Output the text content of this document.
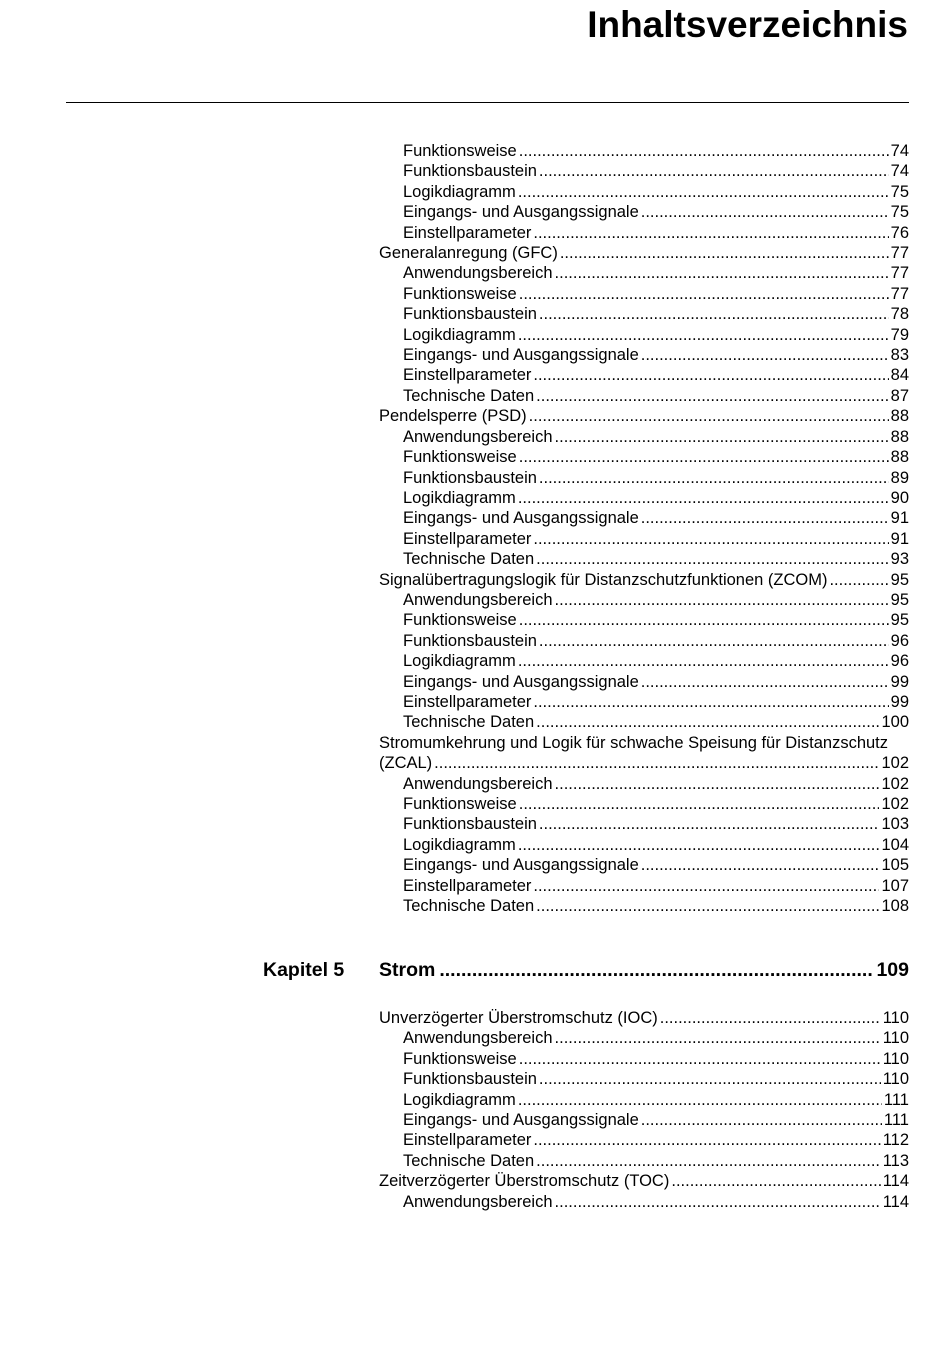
Inhaltsverzeichnis
Funktionsweise .....	74
Funktionsbaustein .....	74
Logikdiagramm .....	75
Eingangs- und Ausgangssignale .....	75
Einstellparameter .....	76
Generalanregung (GFC) .....	77
Anwendungsbereich .....	77
Funktionsweise .....	77
Funktionsbaustein .....	78
Logikdiagramm .....	79
Eingangs- und Ausgangssignale .....	83
Einstellparameter .....	84
Technische Daten .....	87
Pendelsperre (PSD) .....	88
Anwendungsbereich .....	88
Funktionsweise .....	88
Funktionsbaustein .....	89
Logikdiagramm .....	90
Eingangs- und Ausgangssignale .....	91
Einstellparameter .....	91
Technische Daten .....	93
Signalübertragungslogik für Distanzschutzfunktionen (ZCOM) .....	95
Anwendungsbereich .....	95
Funktionsweise .....	95
Funktionsbaustein .....	96
Logikdiagramm .....	96
Eingangs- und Ausgangssignale .....	99
Einstellparameter .....	99
Technische Daten .....	100
Stromumkehrung und Logik für schwache Speisung für Distanzschutz
(ZCAL) .....	102
Anwendungsbereich .....	102
Funktionsweise .....	102
Funktionsbaustein .....	103
Logikdiagramm .....	104
Eingangs- und Ausgangssignale .....	105
Einstellparameter .....	107
Technische Daten .....	108
Kapitel 5	Strom .....	109
Unverzögerter Überstromschutz (IOC) .....	110
Anwendungsbereich .....	110
Funktionsweise .....	110
Funktionsbaustein .....	110
Logikdiagramm .....	111
Eingangs- und Ausgangssignale .....	111
Einstellparameter .....	112
Technische Daten .....	113
Zeitverzögerter Überstromschutz (TOC) .....	114
Anwendungsbereich .....	114
